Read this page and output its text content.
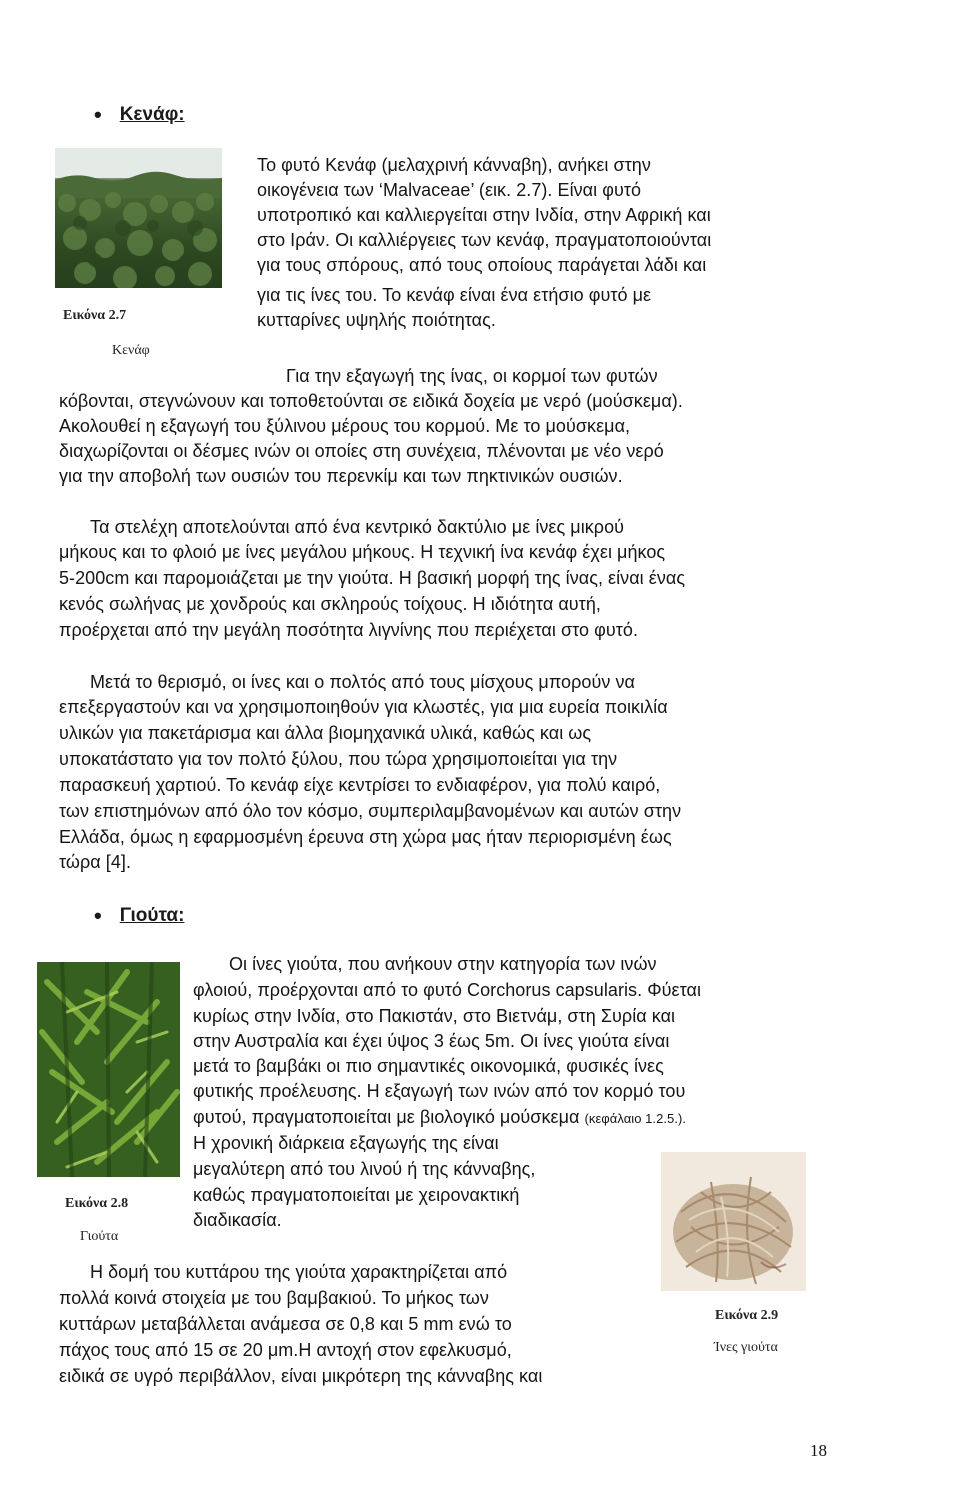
• Κενάφ:
Εικόνα 2.7
Κενάφ
Το φυτό Κενάφ (μελαχρινή κάνναβη), ανήκει στην
οικογένεια των ‘Malvaceae’ (εικ. 2.7). Είναι φυτό
υποτροπικό και καλλιεργείται στην Ινδία, στην Αφρική και
στο Ιράν. Οι καλλιέργειες των κενάφ, πραγματοποιούνται
για τους σπόρους, από τους οποίους παράγεται λάδι και
για τις ίνες του. Το κενάφ είναι ένα ετήσιο φυτό με
κυτταρίνες υψηλής ποιότητας.
Για την εξαγωγή της ίνας, οι κορμοί των φυτών
κόβονται, στεγνώνουν και τοποθετούνται σε ειδικά δοχεία με νερό (μούσκεμα).
Ακολουθεί η εξαγωγή του ξύλινου μέρους του κορμού. Με το μούσκεμα,
διαχωρίζονται οι δέσμες ινών οι οποίες στη συνέχεια, πλένονται με νέο νερό
για την αποβολή των ουσιών του περενκίμ και των πηκτινικών ουσιών.
Τα στελέχη αποτελούνται από ένα κεντρικό δακτύλιο με ίνες μικρού
μήκους και το φλοιό με ίνες μεγάλου μήκους. Η τεχνική ίνα κενάφ έχει μήκος
5-200cm και παρομοιάζεται με την γιούτα. Η βασική μορφή της ίνας, είναι ένας
κενός σωλήνας με χονδρούς και σκληρούς τοίχους. Η ιδιότητα αυτή,
προέρχεται από την μεγάλη ποσότητα λιγνίνης που περιέχεται στο φυτό.
Μετά το θερισμό, οι ίνες και ο πολτός από τους μίσχους μπορούν να
επεξεργαστούν και να χρησιμοποιηθούν για κλωστές, για μια ευρεία ποικιλία
υλικών για πακετάρισμα και άλλα βιομηχανικά υλικά, καθώς και ως
υποκατάστατο για τον πολτό ξύλου, που τώρα χρησιμοποιείται για την
παρασκευή χαρτιού. Το κενάφ είχε κεντρίσει το ενδιαφέρον, για πολύ καιρό,
των επιστημόνων από όλο τον κόσμο, συμπεριλαμβανομένων και αυτών στην
Ελλάδα, όμως η εφαρμοσμένη έρευνα στη χώρα μας ήταν περιορισμένη έως
τώρα [4].
• Γιούτα:
Εικόνα 2.8
Γιούτα
Οι ίνες γιούτα, που ανήκουν στην κατηγορία των ινών
φλοιού, προέρχονται από το φυτό Corchorus capsularis. Φύεται
κυρίως στην Ινδία, στο Πακιστάν, στο Βιετνάμ, στη Συρία και
στην Αυστραλία και έχει ύψος 3 έως 5m. Οι ίνες γιούτα είναι
μετά το βαμβάκι οι πιο σημαντικές οικονομικά, φυσικές ίνες
φυτικής προέλευσης. Η εξαγωγή των ινών από τον κορμό του
φυτού, πραγματοποιείται με βιολογικό μούσκεμα (κεφάλαιο 1.2.5.).
Η χρονική διάρκεια εξαγωγής της είναι
μεγαλύτερη από του λινού ή της κάνναβης,
καθώς πραγματοποιείται με χειρονακτική
διαδικασία.
Εικόνα 2.9
Ίνες γιούτα
Η δομή του κυττάρου της γιούτα χαρακτηρίζεται από
πολλά κοινά στοιχεία με του βαμβακιού. Το μήκος των
κυττάρων μεταβάλλεται ανάμεσα σε 0,8 και 5 mm ενώ το
πάχος τους από 15 σε 20 μm.Η αντοχή στον εφελκυσμό,
ειδικά σε υγρό περιβάλλον, είναι μικρότερη της κάνναβης και
18
